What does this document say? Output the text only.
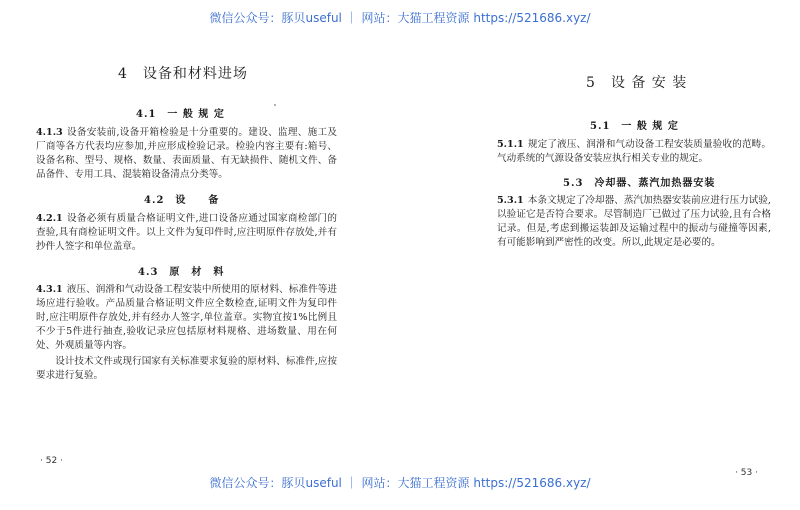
微信公众号：豚贝useful ｜ 网站：大猫工程资源 https://521686.xyz/
4　设备和材料进场
4.1　一 般 规 定

4.1.3 设备安装前,设备开箱检验是十分重要的。建设、监理、施工及厂商等各方代表均应参加,并应形成检验记录。检验内容主要有:箱号、设备名称、型号、规格、数量、表面质量、有无缺损件、随机文件、备品备件、专用工具、混装箱设备清点分类等。

4.2　设　　备

4.2.1 设备必须有质量合格证明文件,进口设备应通过国家商检部门的查验,具有商检证明文件。以上文件为复印件时,应注明原件存放处,并有抄件人签字和单位盖章。

4.3　原　材　料

4.3.1 液压、润滑和气动设备工程安装中所使用的原材料、标准件等进场应进行验收。产品质量合格证明文件应全数检查,证明文件为复印件时,应注明原件存放处,并有经办人签字,单位盖章。实物宜按1%比例且不少于5件进行抽查,验收记录应包括原材料规格、进场数量、用在何处、外观质量等内容。

设计技术文件或现行国家有关标准要求复验的原材料、标准件,应按要求进行复验。

· 52 ·
5　设 备 安 装
5.1　一 般 规 定

5.1.1 规定了液压、润滑和气动设备工程安装质量验收的范畴。气动系统的气源设备安装应执行相关专业的规定。

5.3　冷却器、蒸汽加热器安装

5.3.1 本条文规定了冷却器、蒸汽加热器安装前应进行压力试验,以验证它是否符合要求。尽管制造厂已做过了压力试验,且有合格记录。但是,考虑到搬运装卸及运输过程中的振动与碰撞等因素,有可能影响到严密性的改变。所以,此规定是必要的。

· 53 ·
微信公众号：豚贝useful ｜ 网站：大猫工程资源 https://521686.xyz/
